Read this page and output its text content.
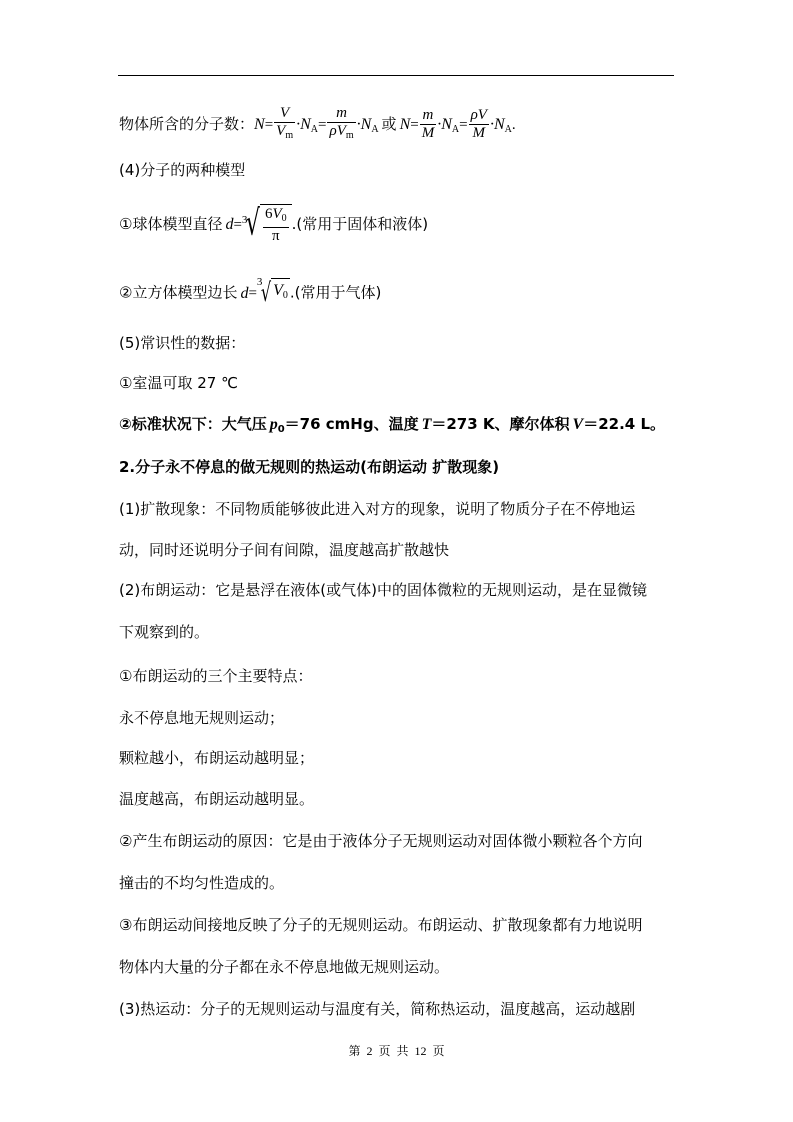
物体所含的分子数：$N= \frac{V}{V_m} \cdot N_A= \frac{m}{\rho V_m} \cdot N_A$ 或 $N= \frac{m}{M} \cdot N_A= \frac{\rho V}{M} \cdot N_A$.
(4)分子的两种模型
①球体模型直径 d= 3
√ $\frac{6V_0}{\pi}$ .(常用于固体和液体)
②立方体模型边长 d=
3
√ $V_0$ .(常用于气体)
(5)常识性的数据：
①室温可取 27 ℃
②标准状况下：大气压 $p_0=76$ cmHg、温度 T＝273 K、摩尔体积 V＝22.4 L。
2.分子永不停息的做无规则的热运动(布朗运动 扩散现象)
(1)扩散现象：不同物质能够彼此进入对方的现象，说明了物质分子在不停地运
动，同时还说明分子间有间隙，温度越高扩散越快
(2)布朗运动：它是悬浮在液体(或气体)中的固体微粒的无规则运动，是在显微镜
下观察到的。
①布朗运动的三个主要特点：
永不停息地无规则运动；
颗粒越小，布朗运动越明显；
温度越高，布朗运动越明显。
②产生布朗运动的原因：它是由于液体分子无规则运动对固体微小颗粒各个方向
撞击的不均匀性造成的。
③布朗运动间接地反映了分子的无规则运动。布朗运动、扩散现象都有力地说明
物体内大量的分子都在永不停息地做无规则运动。
(3)热运动：分子的无规则运动与温度有关，简称热运动，温度越高，运动越剧
第 2 页 共 12 页
